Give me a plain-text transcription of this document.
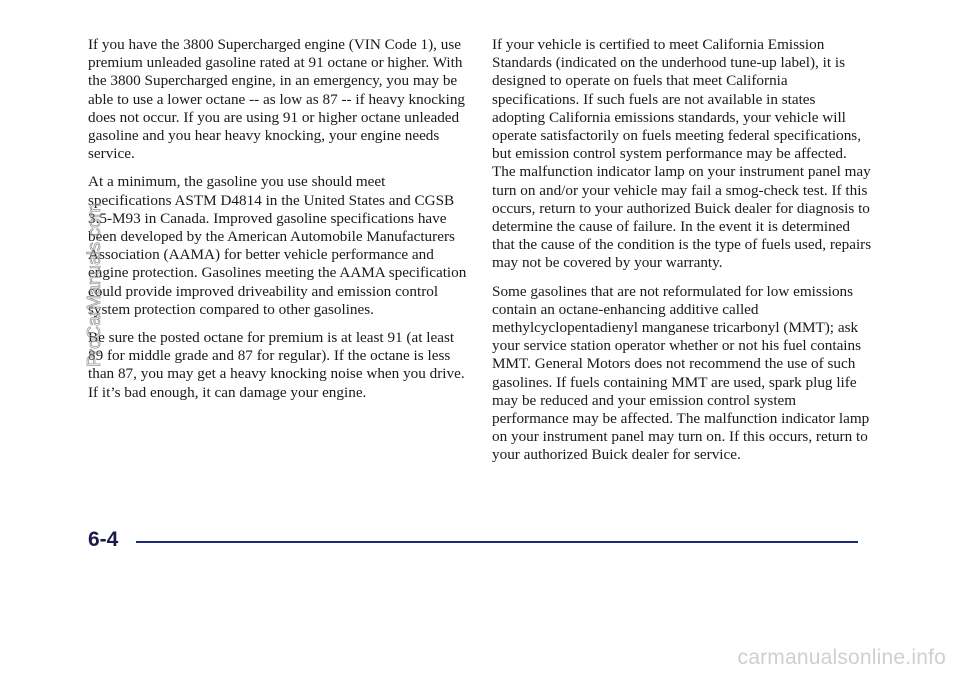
If you have the 3800 Supercharged engine (VIN Code 1), use premium unleaded gasoline rated at 91 octane or higher. With the 3800 Supercharged engine, in an emergency, you may be able to use a lower octane -- as low as 87 -- if heavy knocking does not occur. If you are using 91 or higher octane unleaded gasoline and you hear heavy knocking, your engine needs service.

At a minimum, the gasoline you use should meet specifications ASTM D4814 in the United States and CGSB 3.5-M93 in Canada. Improved gasoline specifications have been developed by the American Automobile Manufacturers Association (AAMA) for better vehicle performance and engine protection. Gasolines meeting the AAMA specification could provide improved driveability and emission control system protection compared to other gasolines.

Be sure the posted octane for premium is at least 91 (at least 89 for middle grade and 87 for regular). If the octane is less than 87, you may get a heavy knocking noise when you drive. If it’s bad enough, it can damage your engine.

If your vehicle is certified to meet California Emission Standards (indicated on the underhood tune-up label), it is designed to operate on fuels that meet California specifications. If such fuels are not available in states adopting California emissions standards, your vehicle will operate satisfactorily on fuels meeting federal specifications, but emission control system performance may be affected. The malfunction indicator lamp on your instrument panel may turn on and/or your vehicle may fail a smog-check test. If this occurs, return to your authorized Buick dealer for diagnosis to determine the cause of failure. In the event it is determined that the cause of the condition is the type of fuels used, repairs may not be covered by your warranty.

Some gasolines that are not reformulated for low emissions contain an octane-enhancing additive called methylcyclopentadienyl manganese tricarbonyl (MMT); ask your service station operator whether or not his fuel contains MMT. General Motors does not recommend the use of such gasolines. If fuels containing MMT are used, spark plug life may be reduced and your emission control system performance may be affected. The malfunction indicator lamp on your instrument panel may turn on. If this occurs, return to your authorized Buick dealer for service.

6-4
ProCarManuals.com
carmanualsonline.info
